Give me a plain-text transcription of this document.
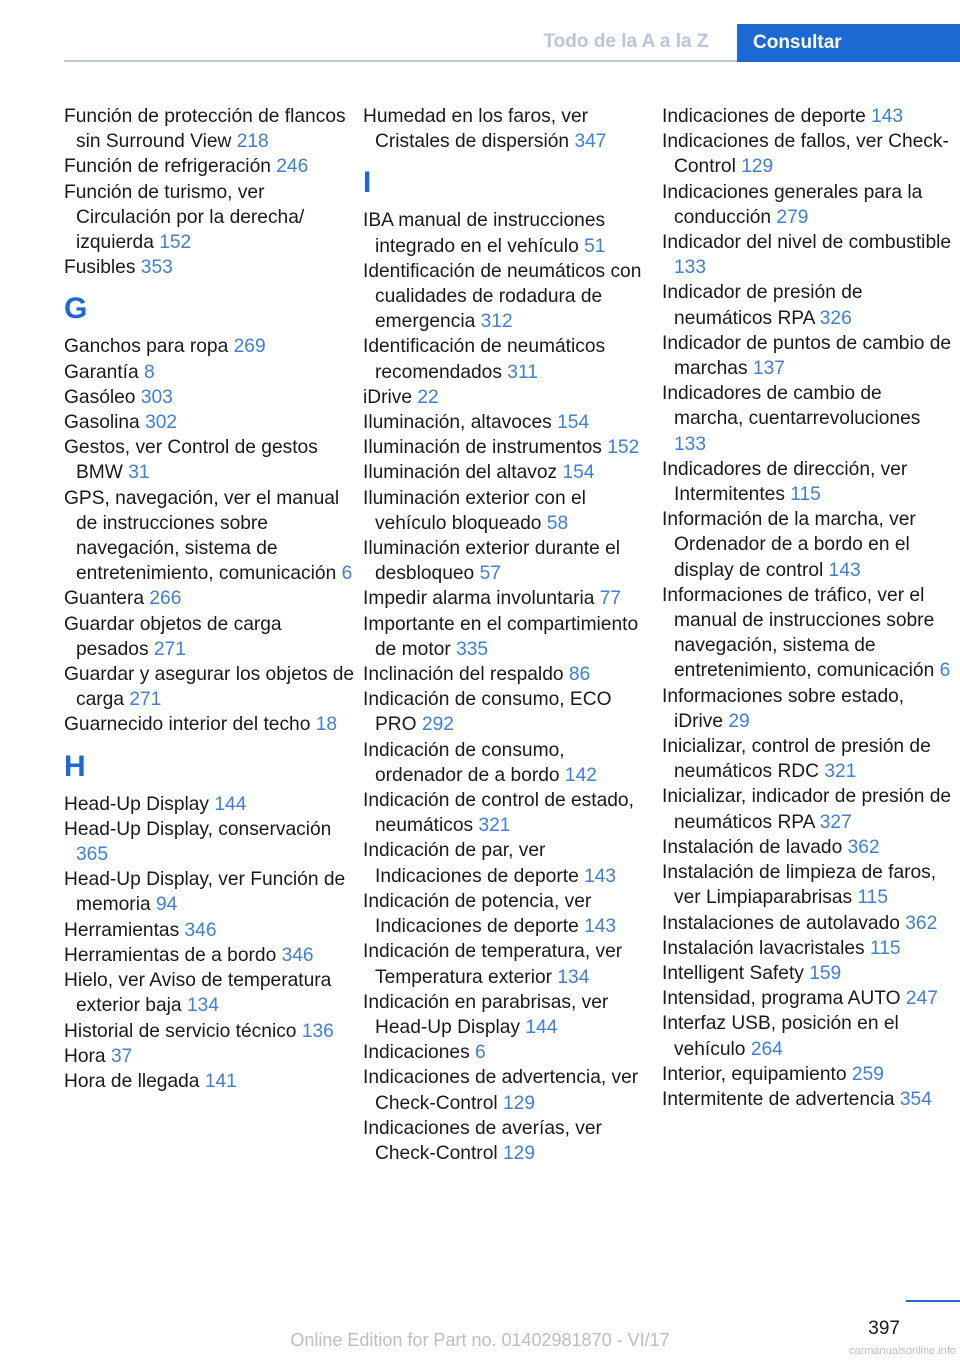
Todo de la A a la Z	Consultar
Función de protección de flancos sin Surround View 218
Función de refrigeración 246
Función de turismo, ver Circulación por la derecha/ izquierda 152
Fusibles 353
G
Ganchos para ropa 269
Garantía 8
Gasóleo 303
Gasolina 302
Gestos, ver Control de gestos BMW 31
GPS, navegación, ver el manual de instrucciones sobre navegación, sistema de entretenimiento, comunicación 6
Guantera 266
Guardar objetos de carga pesados 271
Guardar y asegurar los objetos de carga 271
Guarnecido interior del techo 18
H
Head-Up Display 144
Head-Up Display, conservación 365
Head-Up Display, ver Función de memoria 94
Herramientas 346
Herramientas de a bordo 346
Hielo, ver Aviso de temperatura exterior baja 134
Historial de servicio técnico 136
Hora 37
Hora de llegada 141
Humedad en los faros, ver Cristales de dispersión 347
I
IBA manual de instrucciones integrado en el vehículo 51
Identificación de neumáticos con cualidades de rodadura de emergencia 312
Identificación de neumáticos recomendados 311
iDrive 22
Iluminación, altavoces 154
Iluminación de instrumentos 152
Iluminación del altavoz 154
Iluminación exterior con el vehículo bloqueado 58
Iluminación exterior durante el desbloqueo 57
Impedir alarma involuntaria 77
Importante en el compartimiento de motor 335
Inclinación del respaldo 86
Indicación de consumo, ECO PRO 292
Indicación de consumo, ordenador de a bordo 142
Indicación de control de estado, neumáticos 321
Indicación de par, ver Indicaciones de deporte 143
Indicación de potencia, ver Indicaciones de deporte 143
Indicación de temperatura, ver Temperatura exterior 134
Indicación en parabrisas, ver Head-Up Display 144
Indicaciones 6
Indicaciones de advertencia, ver Check-Control 129
Indicaciones de averías, ver Check-Control 129
Indicaciones de deporte 143
Indicaciones de fallos, ver Check-Control 129
Indicaciones generales para la conducción 279
Indicador del nivel de combustible 133
Indicador de presión de neumáticos RPA 326
Indicador de puntos de cambio de marchas 137
Indicadores de cambio de marcha, cuentarrevoluciones 133
Indicadores de dirección, ver Intermitentes 115
Información de la marcha, ver Ordenador de a bordo en el display de control 143
Informaciones de tráfico, ver el manual de instrucciones sobre navegación, sistema de entretenimiento, comunicación 6
Informaciones sobre estado, iDrive 29
Inicializar, control de presión de neumáticos RDC 321
Inicializar, indicador de presión de neumáticos RPA 327
Instalación de lavado 362
Instalación de limpieza de faros, ver Limpiaparabrisas 115
Instalaciones de autolavado 362
Instalación lavacristales 115
Intelligent Safety 159
Intensidad, programa AUTO 247
Interfaz USB, posición en el vehículo 264
Interior, equipamiento 259
Intermitente de advertencia 354
397
Online Edition for Part no. 01402981870 - VI/17
carmanualsonline.info
